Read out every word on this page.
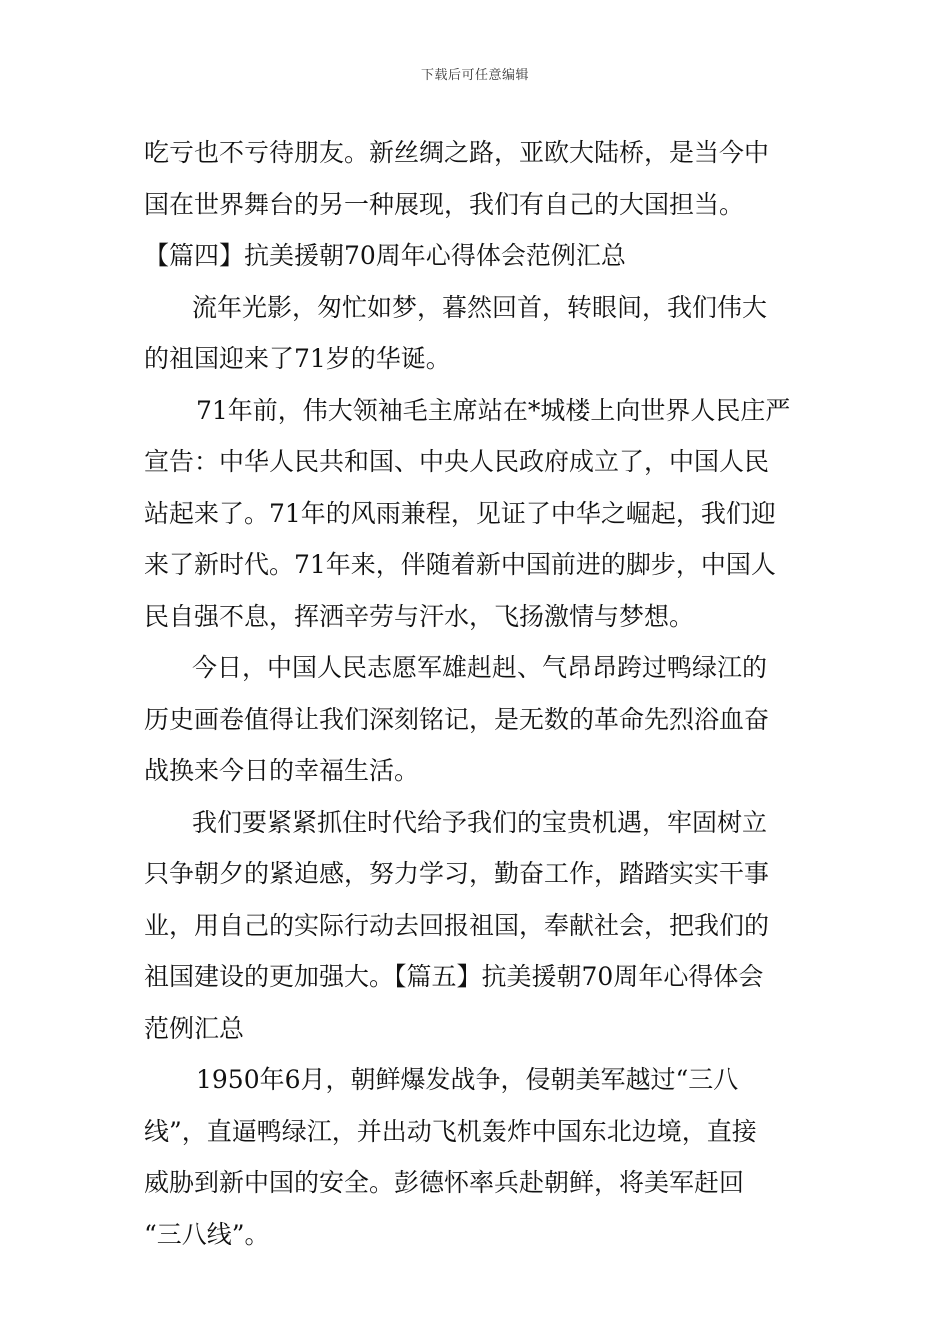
下载后可任意编辑
吃亏也不亏待朋友。新丝绸之路，亚欧大陆桥，是当今中
国在世界舞台的另一种展现，我们有自己的大国担当。
【篇四】抗美援朝70周年心得体会范例汇总
流年光影，匆忙如梦，暮然回首，转眼间，我们伟大
的祖国迎来了71岁的华诞。
71年前，伟大领袖毛主席站在*城楼上向世界人民庄严
宣告：中华人民共和国、中央人民政府成立了，中国人民
站起来了。71年的风雨兼程，见证了中华之崛起，我们迎
来了新时代。71年来，伴随着新中国前进的脚步，中国人
民自强不息，挥洒辛劳与汗水，飞扬激情与梦想。
今日，中国人民志愿军雄赳赳、气昂昂跨过鸭绿江的
历史画卷值得让我们深刻铭记，是无数的革命先烈浴血奋
战换来今日的幸福生活。
我们要紧紧抓住时代给予我们的宝贵机遇，牢固树立
只争朝夕的紧迫感，努力学习，勤奋工作，踏踏实实干事
业，用自己的实际行动去回报祖国，奉献社会，把我们的
祖国建设的更加强大。【篇五】抗美援朝70周年心得体会
范例汇总
1950年6月，朝鲜爆发战争，侵朝美军越过“三八
线”，直逼鸭绿江，并出动飞机轰炸中国东北边境，直接
威胁到新中国的安全。彭德怀率兵赴朝鲜，将美军赶回
“三八线”。
